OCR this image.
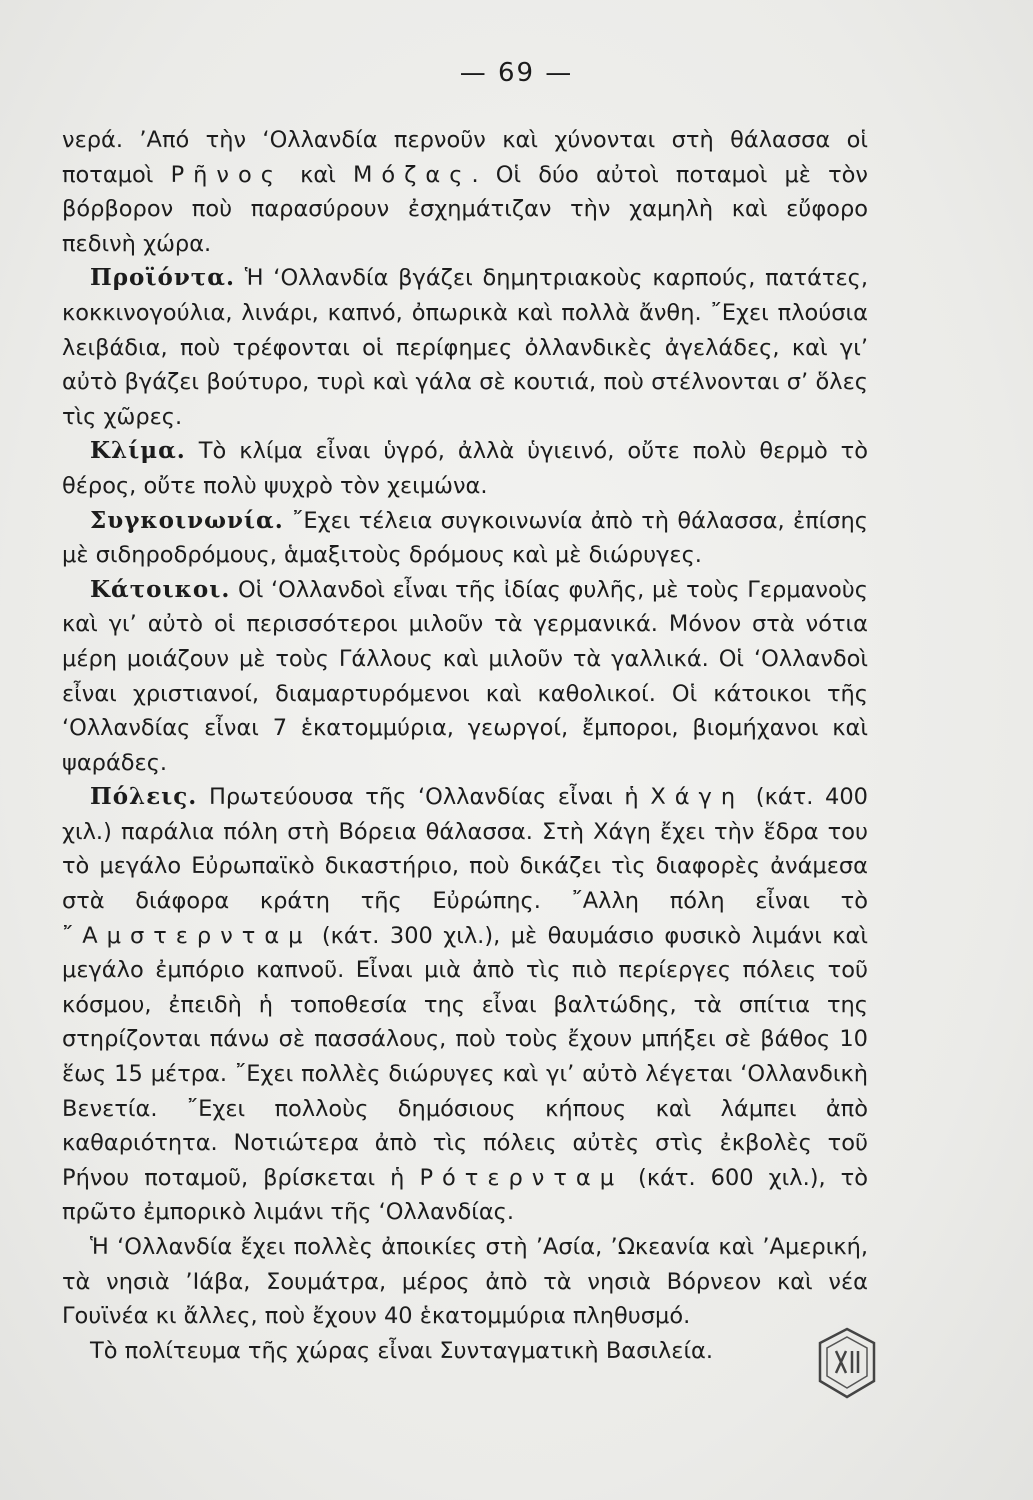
— 69 —

νερά. ’Από τὴν ‘Ολλανδία περνοῦν καὶ χύνονται στὴ θάλασσα οἱ ποταμοὶ Ρῆνος καὶ Μόζας. Οἱ δύο αὐτοὶ ποταμοὶ μὲ τὸν βόρβορον ποὺ παρασύρουν ἐσχημάτιζαν τὴν χαμηλὴ καὶ εὔφορο πεδινὴ χώρα.

Προϊόντα. Ἡ ‘Ολλανδία βγάζει δημητριακοὺς καρπούς, πατάτες, κοκκινογούλια, λινάρι, καπνό, ὀπωρικὰ καὶ πολλὰ ἄνθη. ῎Εχει πλούσια λειβάδια, ποὺ τρέφονται οἱ περίφημες ὀλλανδικὲς ἀγελάδες, καὶ γι’ αὐτὸ βγάζει βούτυρο, τυρὶ καὶ γάλα σὲ κουτιά, ποὺ στέλνονται σ’ ὅλες τὶς χῶρες.

Κλίμα. Τὸ κλίμα εἶναι ὑγρό, ἀλλὰ ὑγιεινό, οὔτε πολὺ θερμὸ τὸ θέρος, οὔτε πολὺ ψυχρὸ τὸν χειμώνα.

Συγκοινωνία. ῎Εχει τέλεια συγκοινωνία ἀπὸ τὴ θάλασσα, ἐπίσης μὲ σιδηροδρόμους, ἁμαξιτοὺς δρόμους καὶ μὲ διώρυγες.

Κάτοικοι. Οἱ ‘Ολλανδοὶ εἶναι τῆς ἰδίας φυλῆς, μὲ τοὺς Γερμανοὺς καὶ γι’ αὐτὸ οἱ περισσότεροι μιλοῦν τὰ γερμανικά. Μόνον στὰ νότια μέρη μοιάζουν μὲ τοὺς Γάλλους καὶ μιλοῦν τὰ γαλλικά. Οἱ ‘Ολλανδοὶ εἶναι χριστιανοί, διαμαρτυρόμενοι καὶ καθολικοί. Οἱ κάτοικοι τῆς ‘Ολλανδίας εἶναι 7 ἑκατομμύρια, γεωργοί, ἔμποροι, βιομήχανοι καὶ ψαράδες.

Πόλεις. Πρωτεύουσα τῆς ‘Ολλανδίας εἶναι ἡ Χάγη (κάτ. 400 χιλ.) παράλια πόλη στὴ Βόρεια θάλασσα. Στὴ Χάγη ἔχει τὴν ἕδρα του τὸ μεγάλο Εὐρωπαϊκὸ δικαστήριο, ποὺ δικάζει τὶς διαφορὲς ἀνάμεσα στὰ διάφορα κράτη τῆς Εὐρώπης. ῎Αλλη πόλη εἶναι τὸ ῎Αμστερνταμ (κάτ. 300 χιλ.), μὲ θαυμάσιο φυσικὸ λιμάνι καὶ μεγάλο ἐμπόριο καπνοῦ. Εἶναι μιὰ ἀπὸ τὶς πιὸ περίεργες πόλεις τοῦ κόσμου, ἐπειδὴ ἡ τοποθεσία της εἶναι βαλτώδης, τὰ σπίτια της στηρίζονται πάνω σὲ πασσάλους, ποὺ τοὺς ἔχουν μπήξει σὲ βάθος 10 ἕως 15 μέτρα. ῎Εχει πολλὲς διώρυγες καὶ γι’ αὐτὸ λέγεται ‘Ολλανδικὴ Βενετία. ῎Εχει πολλοὺς δημόσιους κήπους καὶ λάμπει ἀπὸ καθαριότητα. Νοτιώτερα ἀπὸ τὶς πόλεις αὐτὲς στὶς ἐκβολὲς τοῦ Ρήνου ποταμοῦ, βρίσκεται ἡ Ρότερνταμ (κάτ. 600 χιλ.), τὸ πρῶτο ἐμπορικὸ λιμάνι τῆς ‘Ολλανδίας.

Ἡ ‘Ολλανδία ἔχει πολλὲς ἀποικίες στὴ ’Ασία, ’Ωκεανία καὶ ’Αμερική, τὰ νησιὰ ’Ιάβα, Σουμάτρα, μέρος ἀπὸ τὰ νησιὰ Βόρνεον καὶ νέα Γουϊνέα κι ἄλλες, ποὺ ἔχουν 40 ἑκατομμύρια πληθυσμό.

Τὸ πολίτευμα τῆς χώρας εἶναι Συνταγματικὴ Βασιλεία.
